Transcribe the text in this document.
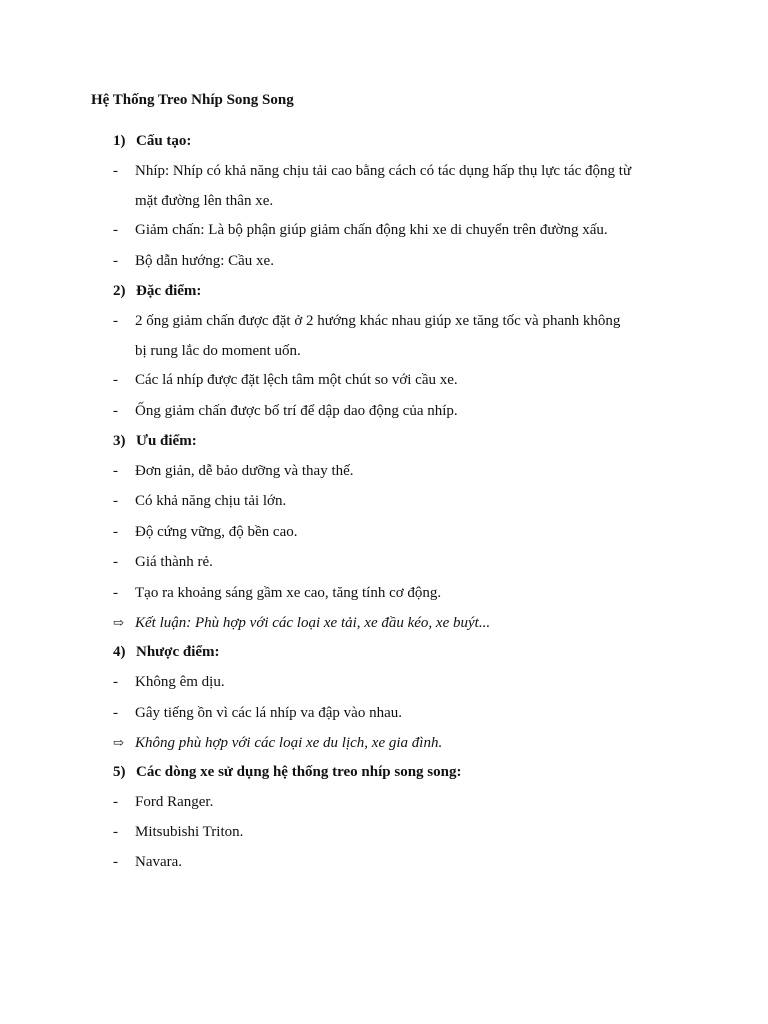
Hệ Thống Treo Nhíp Song Song
1) Cấu tạo:
- Nhíp: Nhíp có khả năng chịu tải cao bằng cách có tác dụng hấp thụ lực tác động từ
mặt đường lên thân xe.
- Giảm chấn: Là bộ phận giúp giảm chấn động khi xe di chuyển trên đường xấu.
- Bộ dẫn hướng: Cầu xe.
2) Đặc điểm:
- 2 ống giảm chấn được đặt ở 2 hướng khác nhau giúp xe tăng tốc và phanh không
bị rung lắc do moment uốn.
- Các lá nhíp được đặt lệch tâm một chút so với cầu xe.
- Ống giảm chấn được bố trí để dập dao động của nhíp.
3) Ưu điểm:
- Đơn giản, dễ bảo dưỡng và thay thế.
- Có khả năng chịu tải lớn.
- Độ cứng vững, độ bền cao.
- Giá thành rẻ.
- Tạo ra khoảng sáng gầm xe cao, tăng tính cơ động.
⇨ Kết luận: Phù hợp với các loại xe tải, xe đầu kéo, xe buýt...
4) Nhược điểm:
- Không êm dịu.
- Gây tiếng ồn vì các lá nhíp va đập vào nhau.
⇨ Không phù hợp với các loại xe du lịch, xe gia đình.
5) Các dòng xe sử dụng hệ thống treo nhíp song song:
- Ford Ranger.
- Mitsubishi Triton.
- Navara.
